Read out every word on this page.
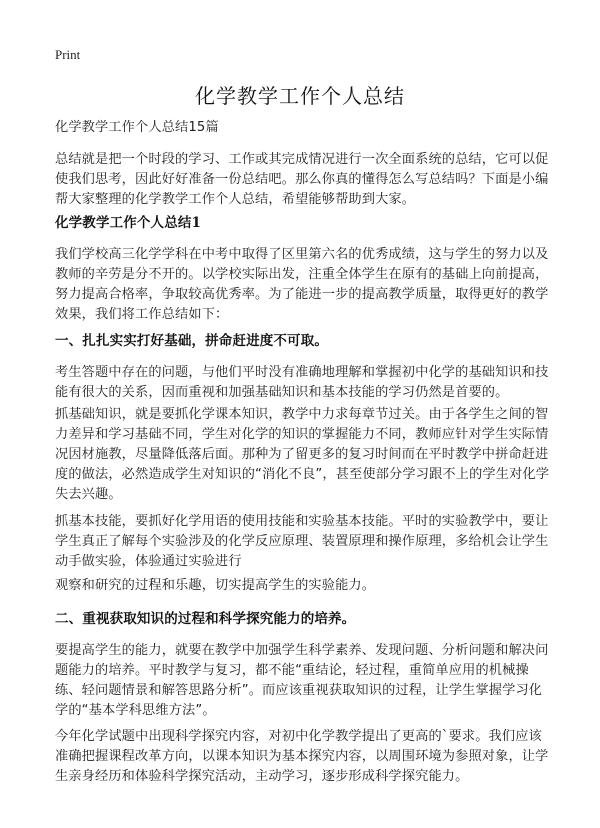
Print
化学教学工作个人总结
化学教学工作个人总结15篇
总结就是把一个时段的学习、工作或其完成情况进行一次全面系统的总结，它可以促使我们思考，因此好好准备一份总结吧。那么你真的懂得怎么写总结吗？下面是小编帮大家整理的化学教学工作个人总结，希望能够帮助到大家。
化学教学工作个人总结1
我们学校高三化学学科在中考中取得了区里第六名的优秀成绩，这与学生的努力以及教师的辛劳是分不开的。以学校实际出发，注重全体学生在原有的基础上向前提高，努力提高合格率，争取较高优秀率。为了能进一步的提高教学质量，取得更好的教学效果，我们将工作总结如下：
一、扎扎实实打好基础，拼命赶进度不可取。
考生答题中存在的问题，与他们平时没有准确地理解和掌握初中化学的基础知识和技能有很大的关系，因而重视和加强基础知识和基本技能的学习仍然是首要的。
抓基础知识，就是要抓化学课本知识，教学中力求每章节过关。由于各学生之间的智力差异和学习基础不同，学生对化学的知识的掌握能力不同，教师应针对学生实际情况因材施教，尽量降低落后面。那种为了留更多的复习时间而在平时教学中拼命赶进度的做法，必然造成学生对知识的“消化不良”，甚至使部分学习跟不上的学生对化学失去兴趣。
抓基本技能，要抓好化学用语的使用技能和实验基本技能。平时的实验教学中，要让学生真正了解每个实验涉及的化学反应原理、装置原理和操作原理，多给机会让学生动手做实验，体验通过实验进行
观察和研究的过程和乐趣，切实提高学生的实验能力。
二、重视获取知识的过程和科学探究能力的培养。
要提高学生的能力，就要在教学中加强学生科学素养、发现问题、分析问题和解决问题能力的培养。平时教学与复习，都不能“重结论，轻过程，重简单应用的机械操练、轻问题情景和解答思路分析”。而应该重视获取知识的过程，让学生掌握学习化学的“基本学科思维方法”。
今年化学试题中出现科学探究内容，对初中化学教学提出了更高的`要求。我们应该准确把握课程改革方向，以课本知识为基本探究内容，以周围环境为参照对象，让学生亲身经历和体验科学探究活动，主动学习，逐步形成科学探究能力。
